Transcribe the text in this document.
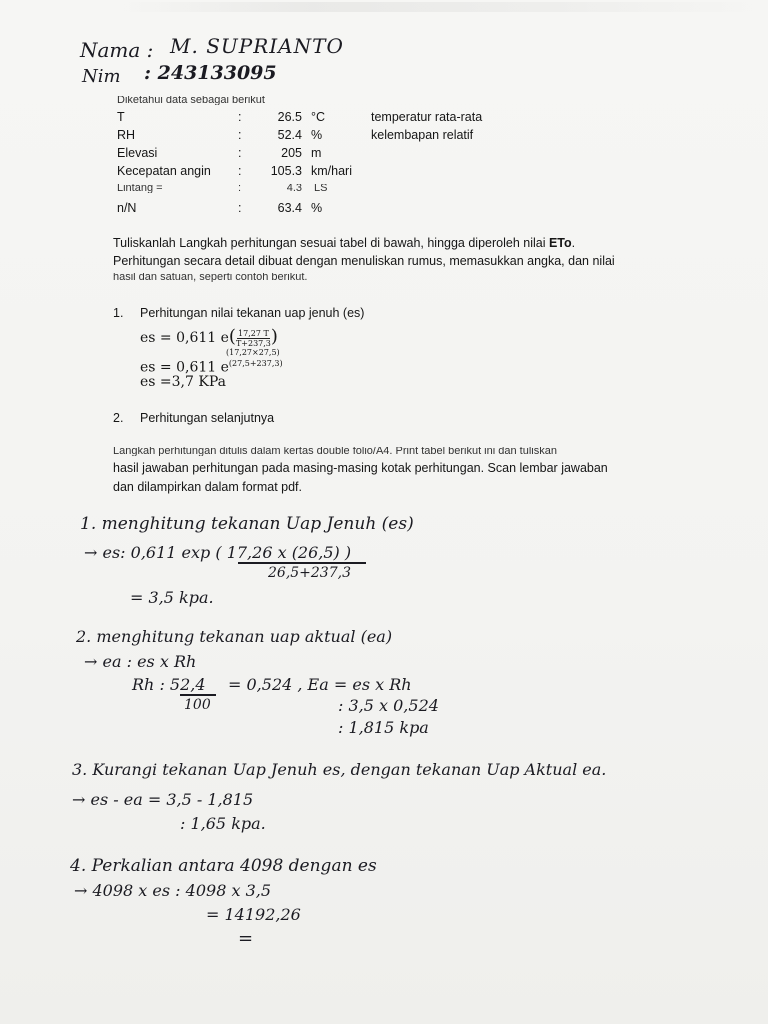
Nama : M. SUPRIANTO
Nim : 243133095
Diketahui data sebagai berikut
T	:	26.5 °C	temperatur rata-rata
RH	:	52.4 %	kelembapan relatif
Elevasi	:	205 m
Kecepatan angin :	105.3 km/hari
Lintang =	:	4.3 LS
n/N	:	63.4 %
Tuliskanlah Langkah perhitungan sesuai tabel di bawah, hingga diperoleh nilai ETo.
Perhitungan secara detail dibuat dengan menuliskan rumus, memasukkan angka, dan nilai
hasil dan satuan, seperti contoh berikut.
1. Perhitungan nilai tekanan uap jenuh (es)
es = 0,611 $e( \frac{17,27 T}{T+237,3}$ )
(17,27×27,5)
es = 0,611 $e^{(27,5+237,3)}$
es =3,7 KPa
2. Perhitungan selanjutnya
Langkah perhitungan ditulis dalam kertas double folio/A4. Print tabel berikut ini dan tuliskan
hasil jawaban perhitungan pada masing-masing kotak perhitungan. Scan lembar jawaban
dan dilampirkan dalam format pdf.
1. menghitung tekanan Uap Jenuh (es)
→ es: 0,611 exp ( 17,26 x (26,5) )
26,5+237,3
= 3,5 kpa.
2. menghitung tekanan uap aktual (ea)
→ ea : es x Rh
Rh : 52,4
100
= 0,524 , Ea = es x Rh
: 3,5 x 0,524
: 1,815 kpa
3. Kurangi tekanan Uap Jenuh es, dengan tekanan Uap Aktual ea.
→ es - ea = 3,5 - 1,815
: 1,65 kpa.
4. Perkalian antara 4098 dengan es
→ 4098 x es : 4098 x 3,5
= 14192,26
=
